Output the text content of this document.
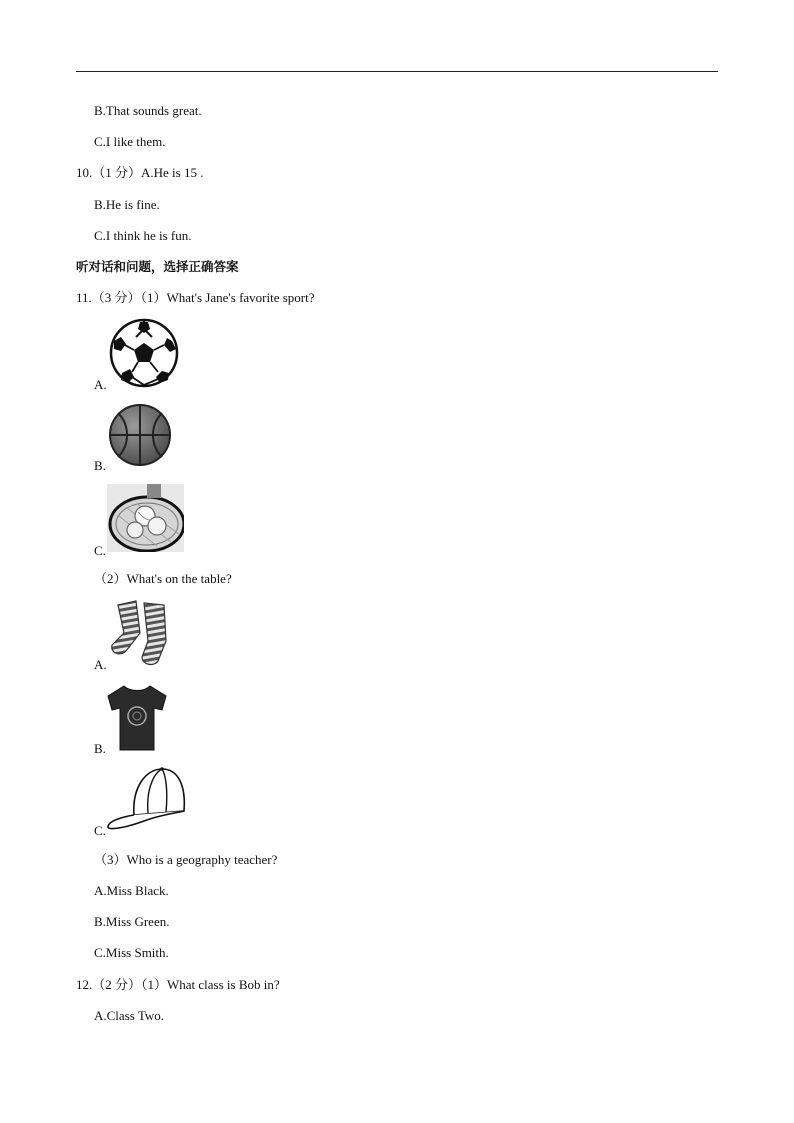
B.That sounds great.
C.I like them.
10.（1 分）A.He is 15 .
B.He is fine.
C.I think he is fun.
听对话和问题，选择正确答案
11.（3 分）（1）What's Jane's favorite sport?
A.
B.
C.
（2）What's on the table?
A.
B.
C.
（3）Who is a geography teacher?
A.Miss Black.
B.Miss Green.
C.Miss Smith.
12.（2 分）（1）What class is Bob in?
A.Class Two.
